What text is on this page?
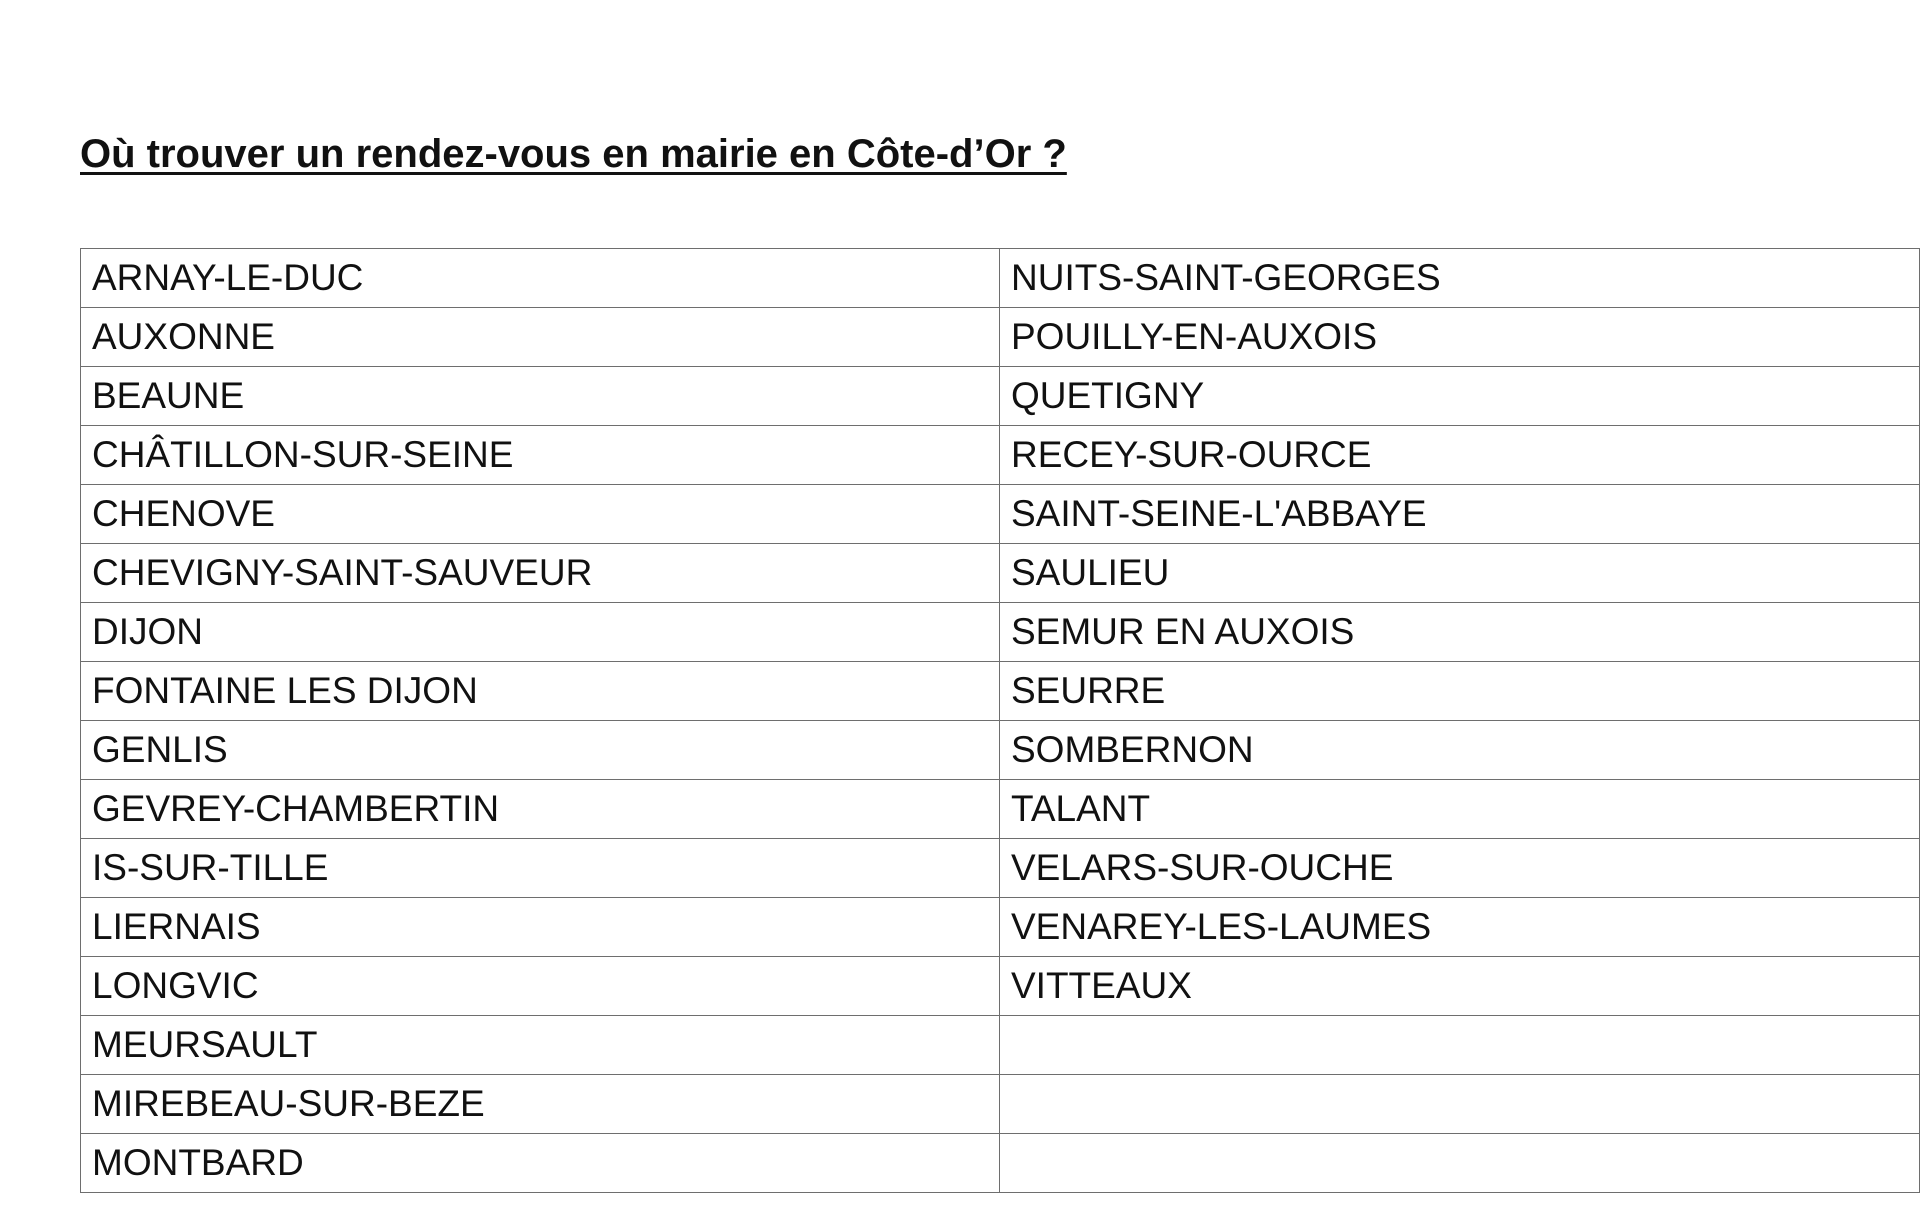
Où trouver un rendez-vous en mairie en Côte-d’Or ?
ARNAY-LE-DUC	NUITS-SAINT-GEORGES
AUXONNE	POUILLY-EN-AUXOIS
BEAUNE	QUETIGNY
CHÂTILLON-SUR-SEINE	RECEY-SUR-OURCE
CHENOVE	SAINT-SEINE-L'ABBAYE
CHEVIGNY-SAINT-SAUVEUR	SAULIEU
DIJON	SEMUR EN AUXOIS
FONTAINE LES DIJON	SEURRE
GENLIS	SOMBERNON
GEVREY-CHAMBERTIN	TALANT
IS-SUR-TILLE	VELARS-SUR-OUCHE
LIERNAIS	VENAREY-LES-LAUMES
LONGVIC	VITTEAUX
MEURSAULT	
MIREBEAU-SUR-BEZE	
MONTBARD	
